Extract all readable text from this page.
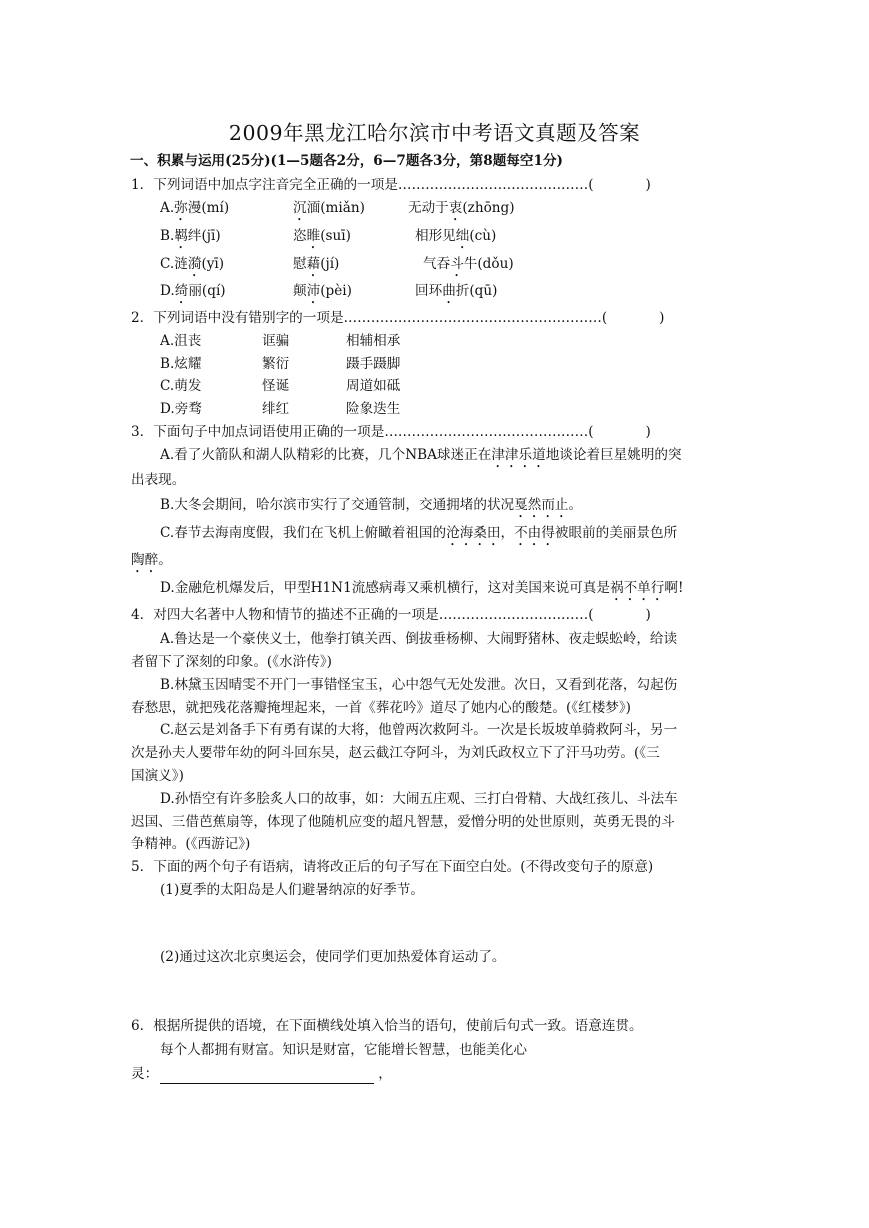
2009年黑龙江哈尔滨市中考语文真题及答案
一、积累与运用(25分)(1—5题各2分，6—7题各3分，第8题每空1分)
1．下列词语中加点字注音完全正确的一项是……………………………………(	)
A.弥漫(mí)	沉湎(miǎn)	无动于衷(zhōng)
B.羁绊(jī)	恣睢(suī)	相形见绌(cù)
C.涟漪(yī)	慰藉(jí)	气吞斗牛(dǒu)
D.绮丽(qí)	颠沛(pèi)	回环曲折(qū)
2．下列词语中没有错别字的一项是…………………………………………………(	)
A.沮丧	诓骗	相辅相承
B.炫耀	繁衍	蹑手蹑脚
C.萌发	怪诞	周道如砥
D.旁骛	绯红	险象迭生
3．下面句子中加点词语使用正确的一项是………………………………………(	)
A.看了火箭队和湖人队精彩的比赛，几个NBA球迷正在津津乐道地谈论着巨星姚明的突
出表现。
B.大冬会期间，哈尔滨市实行了交通管制，交通拥堵的状况戛然而止。
C.春节去海南度假，我们在飞机上俯瞰着祖国的沧海桑田，不由得被眼前的美丽景色所
陶醉。
D.金融危机爆发后，甲型H1N1流感病毒又乘机横行，这对美国来说可真是祸不单行啊!
4．对四大名著中人物和情节的描述不正确的一项是……………………………(	)
A.鲁达是一个豪侠义士，他拳打镇关西、倒拔垂杨柳、大闹野猪林、夜走蜈蚣岭，给读
者留下了深刻的印象。(《水浒传》)
B.林黛玉因晴雯不开门一事错怪宝玉，心中怨气无处发泄。次日，又看到花落，勾起伤
春愁思，就把残花落瓣掩埋起来，一首《葬花吟》道尽了她内心的酸楚。(《红楼梦》)
C.赵云是刘备手下有勇有谋的大将，他曾两次救阿斗。一次是长坂坡单骑救阿斗，另一
次是孙夫人要带年幼的阿斗回东吴，赵云截江夺阿斗，为刘氏政权立下了汗马功劳。(《三
国演义》)
D.孙悟空有许多脍炙人口的故事，如：大闹五庄观、三打白骨精、大战红孩儿、斗法车
迟国、三借芭蕉扇等，体现了他随机应变的超凡智慧，爱憎分明的处世原则，英勇无畏的斗
争精神。(《西游记》)
5．下面的两个句子有语病，请将改正后的句子写在下面空白处。(不得改变句子的原意)
(1)夏季的太阳岛是人们避暑纳凉的好季节。
(2)通过这次北京奥运会，使同学们更加热爱体育运动了。
6．根据所提供的语境，在下面横线处填入恰当的语句，使前后句式一致。语意连贯。
每个人都拥有财富。知识是财富，它能增长智慧，也能美化心
灵：	，
